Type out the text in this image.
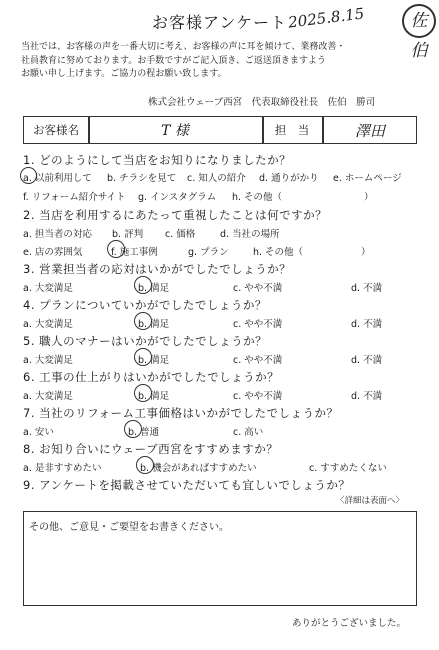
お客様アンケート 2025.8.15	佐伯
当社では、お客様の声を一番大切に考え、お客様の声に耳を傾けて、業務改善・
社員教育に努めております。お手数ですがご記入頂き、ご返送頂きますよう
お願い申し上げます。ご協力の程お願い致します。
株式会社ウェーブ西宮　代表取締役社長　佐伯　勝司
お客様名	T 様	担　当	澤田
1. どのようにして当店をお知りになりましたか？
a. 以前利用して b. チラシを見て c. 知人の紹介 d. 通りがかり e. ホームページ
f. リフォーム紹介サイト g. インスタグラム h. その他（	）
2. 当店を利用するにあたって重視したことは何ですか？
a. 担当者の対応 b. 評判 c. 価格	d. 当社の場所
e. 店の雰囲気	f. 施工事例	g. プラン	h. その他（	）
3. 営業担当者の応対はいかがでしたでしょうか？
a. 大変満足	b. 満足	c. やや不満	d. 不満
4. プランについていかがでしたでしょうか？
a. 大変満足	b. 満足	c. やや不満	d. 不満
5. 職人のマナーはいかがでしたでしょうか？
a. 大変満足	b. 満足	c. やや不満	d. 不満
6. 工事の仕上がりはいかがでしたでしょうか？
a. 大変満足	b. 満足	c. やや不満	d. 不満
7. 当社のリフォーム工事価格はいかがでしたでしょうか？
a. 安い	b. 普通	c. 高い
8. お知り合いにウェーブ西宮をすすめますか？
a. 是非すすめたい	b. 機会があればすすめたい	c. すすめたくない
9. アンケートを掲載させていただいても宜しいでしょうか？
〈詳細は表面へ〉
その他、ご意見・ご要望をお書きください。
ありがとうございました。
